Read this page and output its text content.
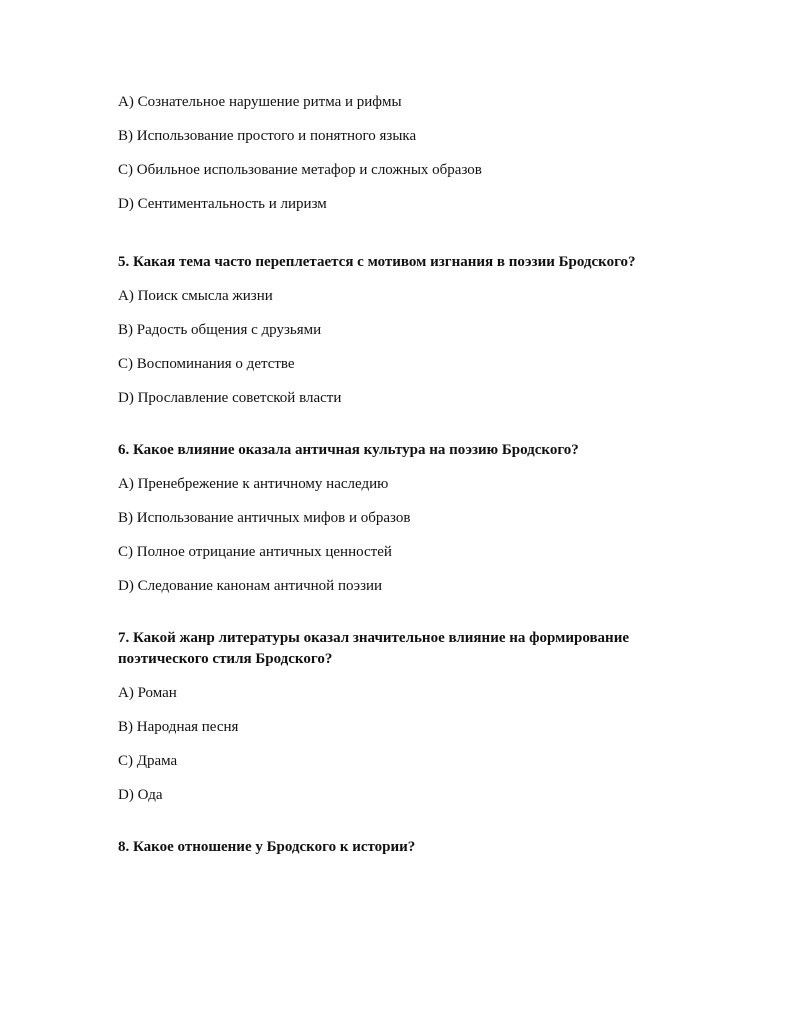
A) Сознательное нарушение ритма и рифмы
B) Использование простого и понятного языка
C) Обильное использование метафор и сложных образов
D) Сентиментальность и лиризм
5. Какая тема часто переплетается с мотивом изгнания в поэзии Бродского?
A) Поиск смысла жизни
B) Радость общения с друзьями
C) Воспоминания о детстве
D) Прославление советской власти
6. Какое влияние оказала античная культура на поэзию Бродского?
A) Пренебрежение к античному наследию
B) Использование античных мифов и образов
C) Полное отрицание античных ценностей
D) Следование канонам античной поэзии
7. Какой жанр литературы оказал значительное влияние на формирование поэтического стиля Бродского?
A) Роман
B) Народная песня
C) Драма
D) Ода
8. Какое отношение у Бродского к истории?
